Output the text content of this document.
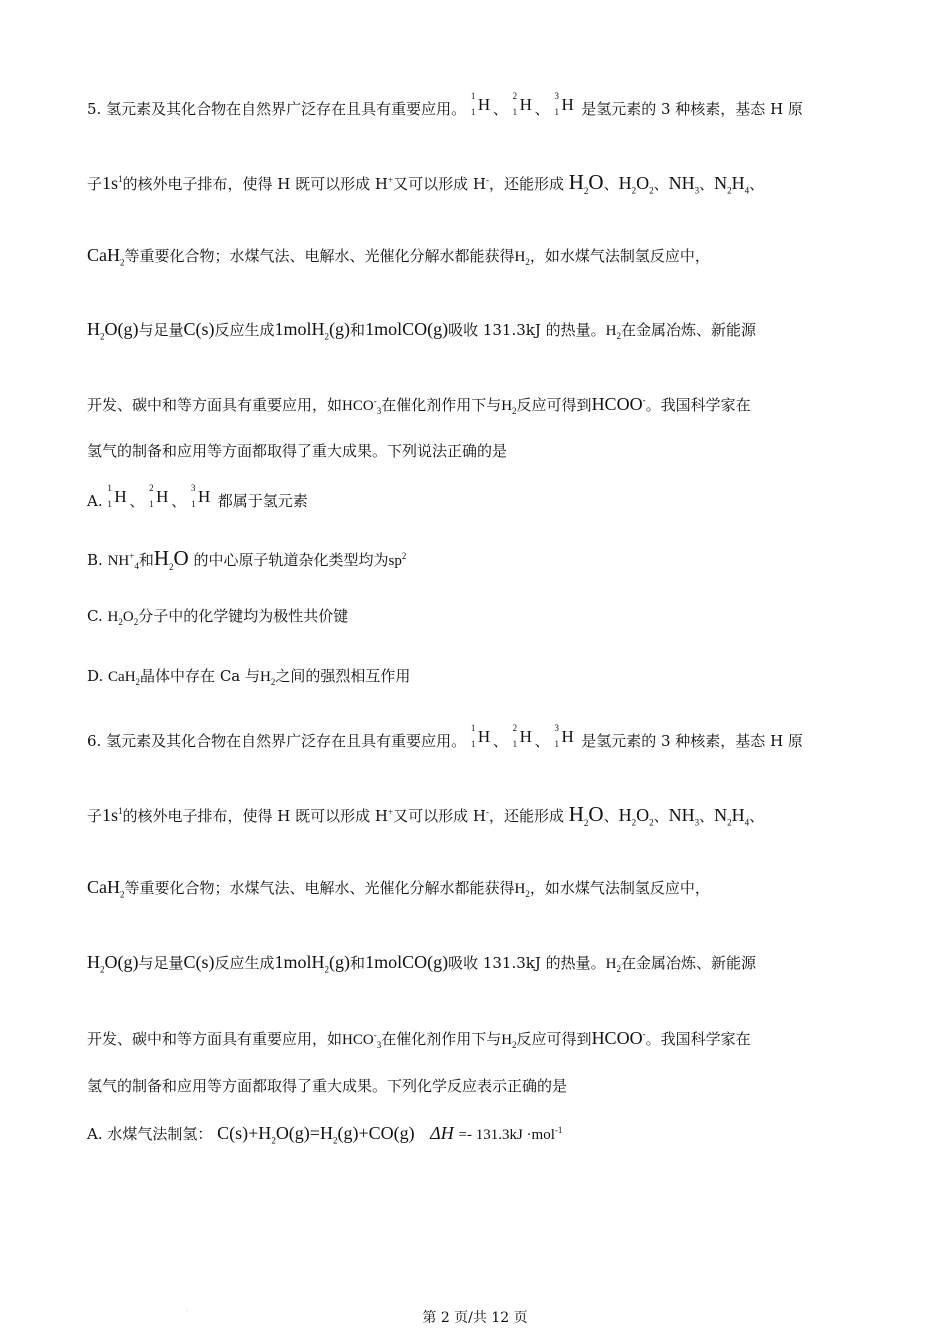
5. 氢元素及其化合物在自然界广泛存在且具有重要应用。
1
1 H 、
2
1 H 、
3
1 H 是氢元素的 3 种核素，基态 H 原
子$1s^1$的核外电子排布，使得 H 既可以形成 H+又可以形成 H-，还能形成 $H_2O$、$H_2O_2$、$NH_3$、$N_2H_4$、
CaH$_2$等重要化合物；水煤气法、电解水、光催化分解水都能获得$H_2$，如水煤气法制氢反应中，
$H_2O(g)$与足量C(s)反应生成1molH$_2$(g)和1molCO(g)吸收 131.3kJ 的热量。$H_2$在金属冶炼、新能源
开发、碳中和等方面具有重要应用，如$HCO^-_3$在催化剂作用下与$H_2$反应可得到HCOO-。我国科学家在
氢气的制备和应用等方面都取得了重大成果。下列说法正确的是
A.
1
1 H 、
2
1 H 、
3
1 H 都属于氢元素
B. $NH^+_4$和$H_2O$ 的中心原子轨道杂化类型均为$sp^2$
C. $H_2O_2$分子中的化学键均为极性共价键
D. CaH$_2$晶体中存在 Ca 与$H_2$之间的强烈相互作用
6. 氢元素及其化合物在自然界广泛存在且具有重要应用。
1
1 H 、
2
1 H 、
3
1 H 是氢元素的 3 种核素，基态 H 原
子$1s^1$的核外电子排布，使得 H 既可以形成 H+又可以形成 H-，还能形成 $H_2O$、$H_2O_2$、$NH_3$、$N_2H_4$、
CaH$_2$等重要化合物；水煤气法、电解水、光催化分解水都能获得$H_2$，如水煤气法制氢反应中，
$H_2O(g)$与足量C(s)反应生成1molH$_2$(g)和1molCO(g)吸收 131.3kJ 的热量。$H_2$在金属冶炼、新能源
开发、碳中和等方面具有重要应用，如$HCO^-_3$在催化剂作用下与$H_2$反应可得到HCOO-。我国科学家在
氢气的制备和应用等方面都取得了重大成果。下列化学反应表示正确的是
A. 水煤气法制氢： $C(s)+H_2O(g)=H_2(g)+CO(g) \Delta H =- 131.3kJ \cdot mol^{-1}$
.
第 2 页/共 12 页
